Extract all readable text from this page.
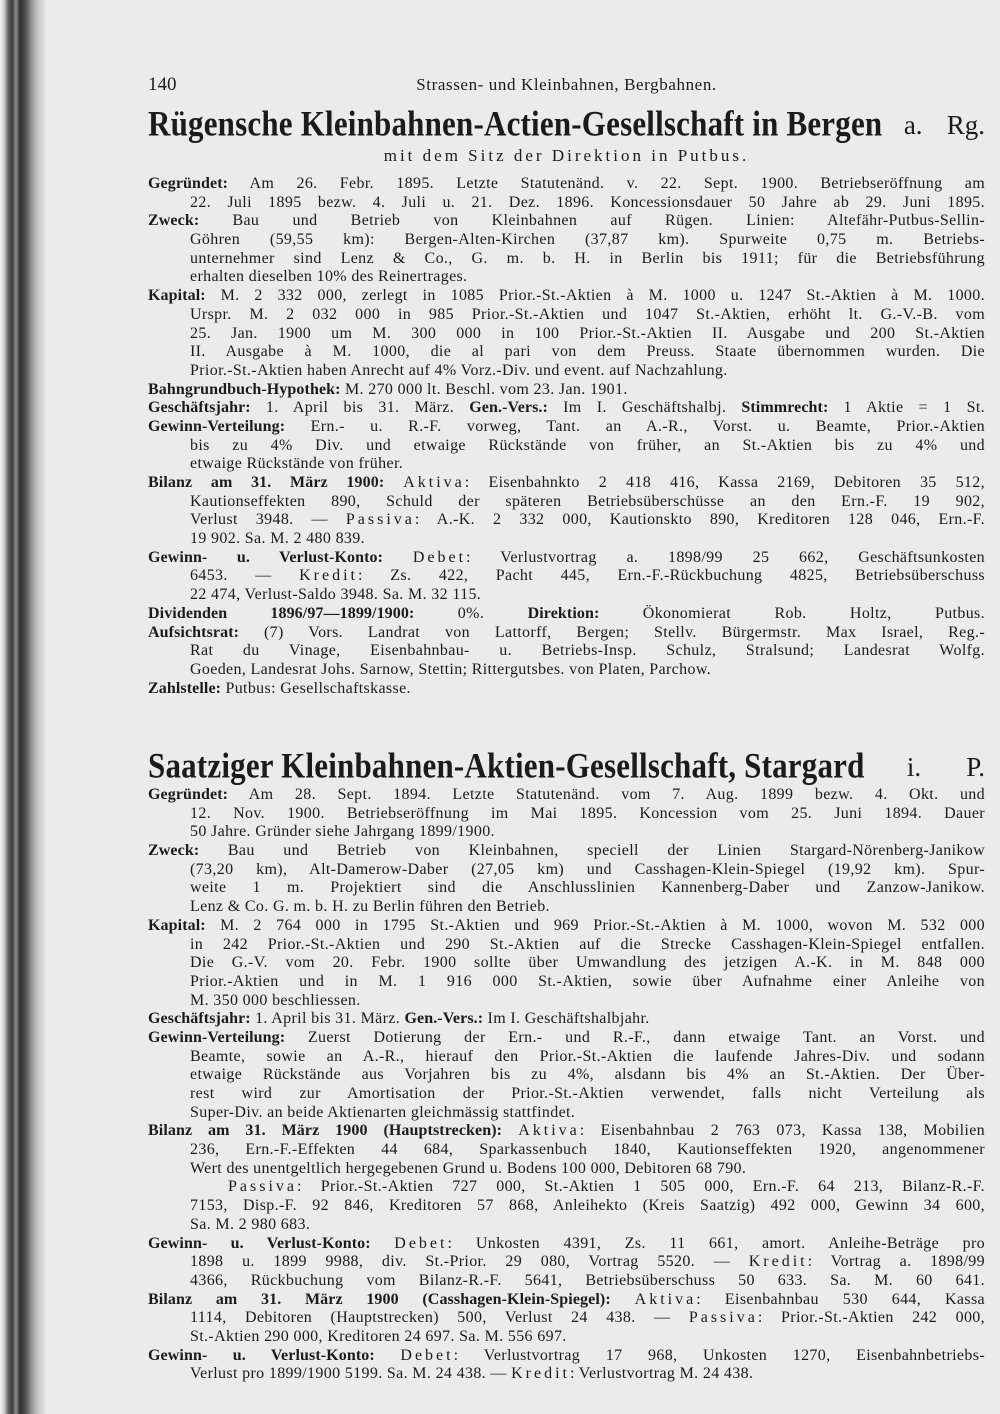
140	Strassen- und Kleinbahnen, Bergbahnen.
Rügensche Kleinbahnen-Actien-Gesellschaft in Bergen a. Rg.
mit dem Sitz der Direktion in Putbus.
Gegründet: Am 26. Febr. 1895. Letzte Statutenänd. v. 22. Sept. 1900. Betriebseröffnung am
22. Juli 1895 bezw. 4. Juli u. 21. Dez. 1896. Koncessionsdauer 50 Jahre ab 29. Juni 1895.
Zweck: Bau und Betrieb von Kleinbahnen auf Rügen. Linien: Altefähr-Putbus-Sellin-
Göhren (59,55 km): Bergen-Alten-Kirchen (37,87 km). Spurweite 0,75 m. Betriebs-
unternehmer sind Lenz & Co., G. m. b. H. in Berlin bis 1911; für die Betriebsführung
erhalten dieselben 10% des Reinertrages.
Kapital: M. 2 332 000, zerlegt in 1085 Prior.-St.-Aktien à M. 1000 u. 1247 St.-Aktien à M. 1000.
Urspr. M. 2 032 000 in 985 Prior.-St.-Aktien und 1047 St.-Aktien, erhöht lt. G.-V.-B. vom
25. Jan. 1900 um M. 300 000 in 100 Prior.-St.-Aktien II. Ausgabe und 200 St.-Aktien
II. Ausgabe à M. 1000, die al pari von dem Preuss. Staate übernommen wurden. Die
Prior.-St.-Aktien haben Anrecht auf 4% Vorz.-Div. und event. auf Nachzahlung.
Bahngrundbuch-Hypothek: M. 270 000 lt. Beschl. vom 23. Jan. 1901.
Geschäftsjahr: 1. April bis 31. März. Gen.-Vers.: Im I. Geschäftshalbj. Stimmrecht: 1 Aktie = 1 St.
Gewinn-Verteilung: Ern.- u. R.-F. vorweg, Tant. an A.-R., Vorst. u. Beamte, Prior.-Aktien
bis zu 4% Div. und etwaige Rückstände von früher, an St.-Aktien bis zu 4% und
etwaige Rückstände von früher.
Bilanz am 31. März 1900: Aktiva: Eisenbahnkto 2 418 416, Kassa 2169, Debitoren 35 512,
Kautionseffekten 890, Schuld der späteren Betriebsüberschüsse an den Ern.-F. 19 902,
Verlust 3948. — Passiva: A.-K. 2 332 000, Kautionskto 890, Kreditoren 128 046, Ern.-F.
19 902. Sa. M. 2 480 839.
Gewinn- u. Verlust-Konto: Debet: Verlustvortrag a. 1898/99 25 662, Geschäftsunkosten
6453. — Kredit: Zs. 422, Pacht 445, Ern.-F.-Rückbuchung 4825, Betriebsüberschuss
22 474, Verlust-Saldo 3948. Sa. M. 32 115.
Dividenden 1896/97—1899/1900: 0%. Direktion: Ökonomierat Rob. Holtz, Putbus.
Aufsichtsrat: (7) Vors. Landrat von Lattorff, Bergen; Stellv. Bürgermstr. Max Israel, Reg.-
Rat du Vinage, Eisenbahnbau- u. Betriebs-Insp. Schulz, Stralsund; Landesrat Wolfg.
Goeden, Landesrat Johs. Sarnow, Stettin; Rittergutsbes. von Platen, Parchow.
Zahlstelle: Putbus: Gesellschaftskasse.
Saatziger Kleinbahnen-Aktien-Gesellschaft, Stargard i. P.
Gegründet: Am 28. Sept. 1894. Letzte Statutenänd. vom 7. Aug. 1899 bezw. 4. Okt. und
12. Nov. 1900. Betriebseröffnung im Mai 1895. Koncession vom 25. Juni 1894. Dauer
50 Jahre. Gründer siehe Jahrgang 1899/1900.
Zweck: Bau und Betrieb von Kleinbahnen, speciell der Linien Stargard-Nörenberg-Janikow
(73,20 km), Alt-Damerow-Daber (27,05 km) und Casshagen-Klein-Spiegel (19,92 km). Spur-
weite 1 m. Projektiert sind die Anschlusslinien Kannenberg-Daber und Zanzow-Janikow.
Lenz & Co. G. m. b. H. zu Berlin führen den Betrieb.
Kapital: M. 2 764 000 in 1795 St.-Aktien und 969 Prior.-St.-Aktien à M. 1000, wovon M. 532 000
in 242 Prior.-St.-Aktien und 290 St.-Aktien auf die Strecke Casshagen-Klein-Spiegel entfallen.
Die G.-V. vom 20. Febr. 1900 sollte über Umwandlung des jetzigen A.-K. in M. 848 000
Prior.-Aktien und in M. 1 916 000 St.-Aktien, sowie über Aufnahme einer Anleihe von
M. 350 000 beschliessen.
Geschäftsjahr: 1. April bis 31. März. Gen.-Vers.: Im I. Geschäftshalbjahr.
Gewinn-Verteilung: Zuerst Dotierung der Ern.- und R.-F., dann etwaige Tant. an Vorst. und
Beamte, sowie an A.-R., hierauf den Prior.-St.-Aktien die laufende Jahres-Div. und sodann
etwaige Rückstände aus Vorjahren bis zu 4%, alsdann bis 4% an St.-Aktien. Der Über-
rest wird zur Amortisation der Prior.-St.-Aktien verwendet, falls nicht Verteilung als
Super-Div. an beide Aktienarten gleichmässig stattfindet.
Bilanz am 31. März 1900 (Hauptstrecken): Aktiva: Eisenbahnbau 2 763 073, Kassa 138, Mobilien
236, Ern.-F.-Effekten 44 684, Sparkassenbuch 1840, Kautionseffekten 1920, angenommener
Wert des unentgeltlich hergegebenen Grund u. Bodens 100 000, Debitoren 68 790.
Passiva: Prior.-St.-Aktien 727 000, St.-Aktien 1 505 000, Ern.-F. 64 213, Bilanz-R.-F.
7153, Disp.-F. 92 846, Kreditoren 57 868, Anleihekto (Kreis Saatzig) 492 000, Gewinn 34 600,
Sa. M. 2 980 683.
Gewinn- u. Verlust-Konto: Debet: Unkosten 4391, Zs. 11 661, amort. Anleihe-Beträge pro
1898 u. 1899 9988, div. St.-Prior. 29 080, Vortrag 5520. — Kredit: Vortrag a. 1898/99
4366, Rückbuchung vom Bilanz-R.-F. 5641, Betriebsüberschuss 50 633. Sa. M. 60 641.
Bilanz am 31. März 1900 (Casshagen-Klein-Spiegel): Aktiva: Eisenbahnbau 530 644, Kassa
1114, Debitoren (Hauptstrecken) 500, Verlust 24 438. — Passiva: Prior.-St.-Aktien 242 000,
St.-Aktien 290 000, Kreditoren 24 697. Sa. M. 556 697.
Gewinn- u. Verlust-Konto: Debet: Verlustvortrag 17 968, Unkosten 1270, Eisenbahnbetriebs-
Verlust pro 1899/1900 5199. Sa. M. 24 438. — Kredit: Verlustvortrag M. 24 438.
